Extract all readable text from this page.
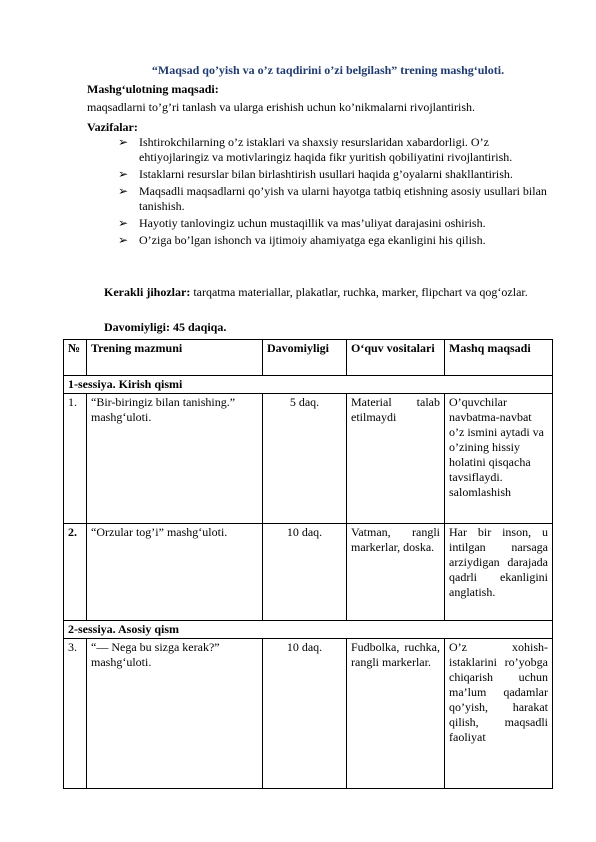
“Maqsad qo’yish va o’z taqdirini o’zi belgilash” trening mashg‘uloti.
Mashg‘ulotning maqsadi:
maqsadlarni to’g’ri tanlash va ularga erishish uchun ko’nikmalarni rivojlantirish.
Vazifalar:
➢ Ishtirokchilarning o’z istaklari va shaxsiy resurslaridan xabardorligi. O’z ehtiyojlaringiz va motivlaringiz haqida fikr yuritish qobiliyatini rivojlantirish.
➢ Istaklarni resurslar bilan birlashtirish usullari haqida g’oyalarni shakllantirish.
➢ Maqsadli maqsadlarni qo’yish va ularni hayotga tatbiq etishning asosiy usullari bilan tanishish.
➢ Hayotiy tanlovingiz uchun mustaqillik va mas’uliyat darajasini oshirish.
➢ O’ziga bo’lgan ishonch va ijtimoiy ahamiyatga ega ekanligini his qilish.
Kerakli jihozlar: tarqatma materiallar, plakatlar, ruchka, marker, flipchart va qog‘ozlar.
Davomiyligi: 45 daqiqa.
№	Trening mazmuni	Davomiyligi	O‘quv vositalari	Mashq maqsadi
1-sessiya. Kirish qismi				
1.	“Bir-biringiz bilan tanishing.” mashg‘uloti.	5 daq.	Material talab etilmaydi	O’quvchilar navbatma-navbat o’z ismini aytadi va o’zining hissiy holatini qisqacha tavsiflaydi. salomlashish
2.	“Orzular tog’i” mashg‘uloti.	10 daq.	Vatman, rangli markerlar, doska.	Har bir inson, u intilgan narsaga arziydigan darajada qadrli ekanligini anglatish.
2-sessiya. Asosiy qism				
3.	“— Nega bu sizga kerak?” mashg‘uloti.	10 daq.	Fudbolka, ruchka, rangli markerlar.	O’z xohish-istaklarini ro’yobga chiqarish uchun ma’lum qadamlar qo’yish, harakat qilish, maqsadli faoliyat
